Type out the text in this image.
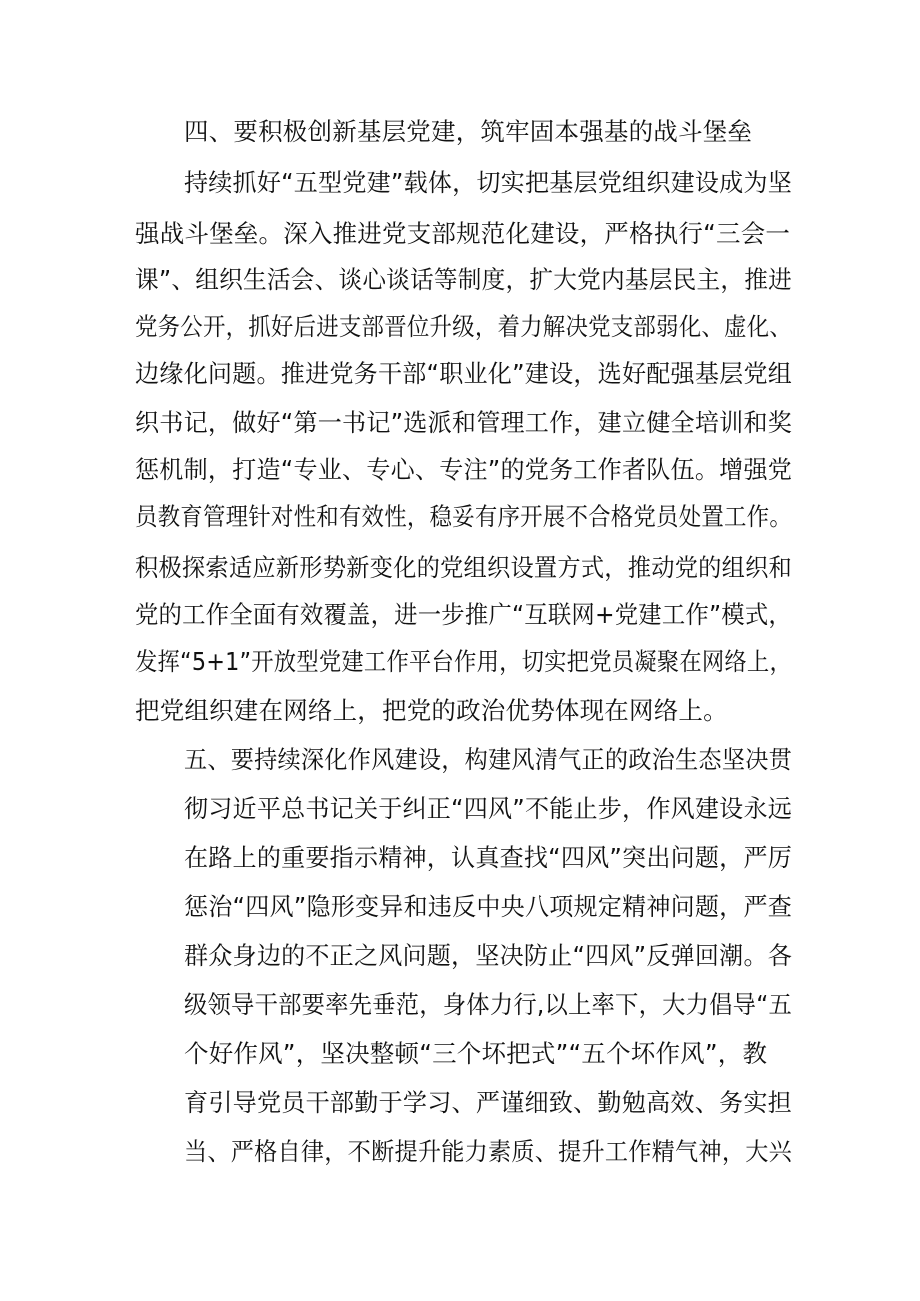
四、要积极创新基层党建，筑牢固本强基的战斗堡垒
持续抓好“五型党建”载体，切实把基层党组织建设成为坚
强战斗堡垒。深入推进党支部规范化建设，严格执行“三会一
课”、组织生活会、谈心谈话等制度，扩大党内基层民主，推进
党务公开，抓好后进支部晋位升级，着力解决党支部弱化、虚化、
边缘化问题。推进党务干部“职业化”建设，选好配强基层党组
织书记，做好“第一书记”选派和管理工作，建立健全培训和奖
惩机制，打造“专业、专心、专注”的党务工作者队伍。增强党
员教育管理针对性和有效性，稳妥有序开展不合格党员处置工作。
积极探索适应新形势新变化的党组织设置方式，推动党的组织和
党的工作全面有效覆盖，进一步推广“互联网+党建工作”模式，
发挥“5+1”开放型党建工作平台作用，切实把党员凝聚在网络上，
把党组织建在网络上，把党的政治优势体现在网络上。
五、要持续深化作风建设，构建风清气正的政治生态坚决贯
彻习近平总书记关于纠正“四风”不能止步，作风建设永远
在路上的重要指示精神，认真查找“四风”突出问题，严厉
惩治“四风”隐形变异和违反中央八项规定精神问题，严查
群众身边的不正之风问题，坚决防止“四风”反弹回潮。各
级领导干部要率先垂范，身体力行,以上率下，大力倡导“五
个好作风”，坚决整顿“三个坏把式”“五个坏作风”，教
育引导党员干部勤于学习、严谨细致、勤勉高效、务实担
当、严格自律，不断提升能力素质、提升工作精气神，大兴
